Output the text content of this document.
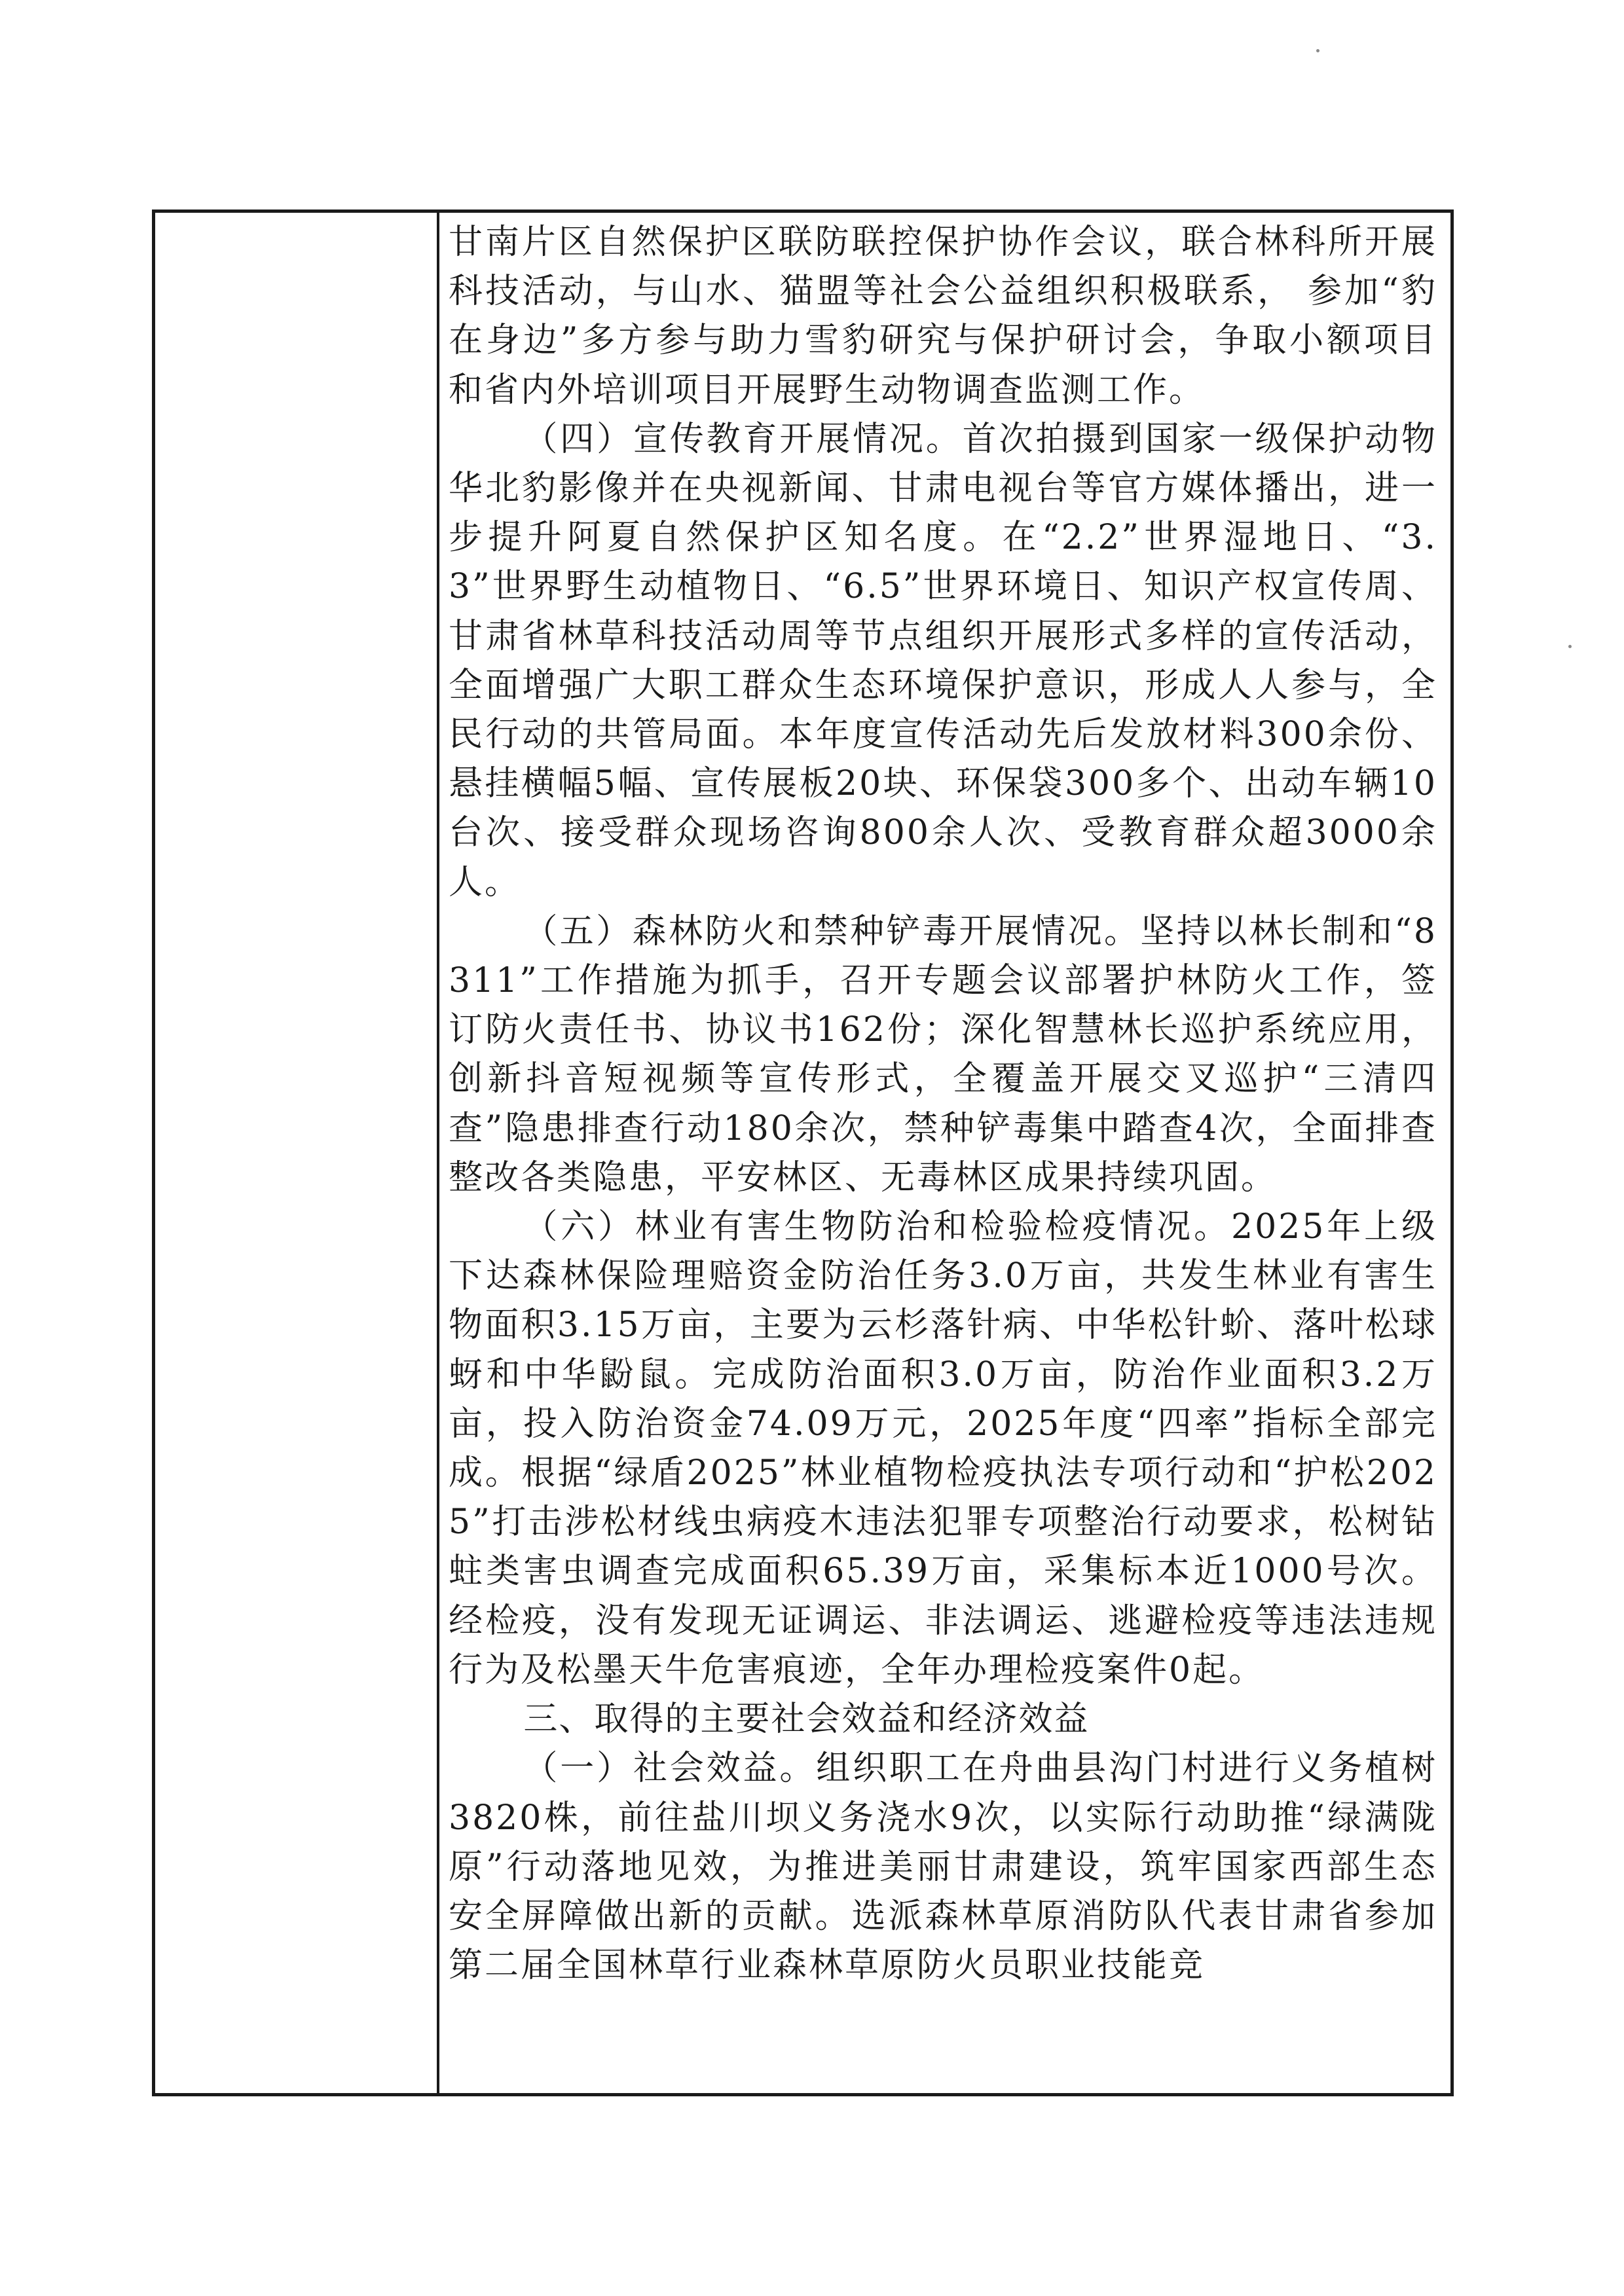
甘南片区自然保护区联防联控保护协作会议，联合林科所开展科技活动，与山水、猫盟等社会公益组织积极联系， 参加“豹在身边”多方参与助力雪豹研究与保护研讨会，争取小额项目和省内外培训项目开展野生动物调查监测工作。

（四）宣传教育开展情况。首次拍摄到国家一级保护动物华北豹影像并在央视新闻、甘肃电视台等官方媒体播出，进一步提升阿夏自然保护区知名度。在“2.2”世界湿地日、“3.3”世界野生动植物日、“6.5”世界环境日、知识产权宣传周、甘肃省林草科技活动周等节点组织开展形式多样的宣传活动，全面增强广大职工群众生态环境保护意识，形成人人参与，全民行动的共管局面。本年度宣传活动先后发放材料300余份、悬挂横幅5幅、宣传展板20块、环保袋300多个、出动车辆10台次、接受群众现场咨询800余人次、受教育群众超3000余人。

（五）森林防火和禁种铲毒开展情况。坚持以林长制和“8311”工作措施为抓手，召开专题会议部署护林防火工作，签订防火责任书、协议书162份；深化智慧林长巡护系统应用，创新抖音短视频等宣传形式，全覆盖开展交叉巡护“三清四查”隐患排查行动180余次，禁种铲毒集中踏查4次，全面排查整改各类隐患，平安林区、无毒林区成果持续巩固。

（六）林业有害生物防治和检验检疫情况。2025年上级下达森林保险理赔资金防治任务3.0万亩，共发生林业有害生物面积3.15万亩，主要为云杉落针病、中华松针蚧、落叶松球蚜和中华鼢鼠。完成防治面积3.0万亩，防治作业面积3.2万亩，投入防治资金74.09万元，2025年度“四率”指标全部完成。根据“绿盾2025”林业植物检疫执法专项行动和“护松2025”打击涉松材线虫病疫木违法犯罪专项整治行动要求，松树钻蛀类害虫调查完成面积65.39万亩，采集标本近1000号次。经检疫，没有发现无证调运、非法调运、逃避检疫等违法违规行为及松墨天牛危害痕迹，全年办理检疫案件0起。

三、取得的主要社会效益和经济效益

（一）社会效益。组织职工在舟曲县沟门村进行义务植树3820株，前往盐川坝义务浇水9次，以实际行动助推“绿满陇原”行动落地见效，为推进美丽甘肃建设，筑牢国家西部生态安全屏障做出新的贡献。选派森林草原消防队代表甘肃省参加第二届全国林草行业森林草原防火员职业技能竞
